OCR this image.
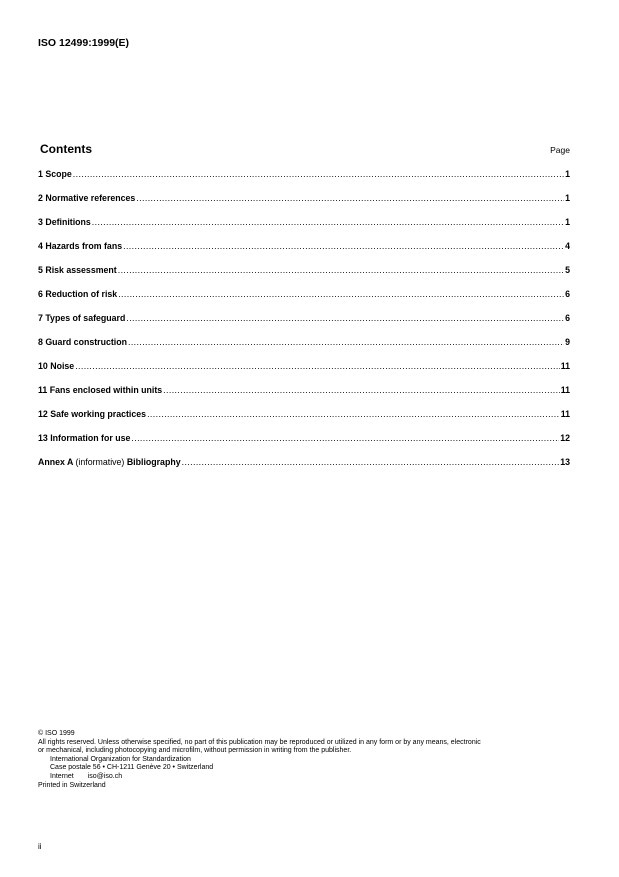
ISO 12499:1999(E)
Contents	Page
1 Scope .....	1
2 Normative references .....	1
3 Definitions .....	1
4 Hazards from fans .....	4
5 Risk assessment .....	5
6 Reduction of risk .....	6
7 Types of safeguard .....	6
8 Guard construction .....	9
10 Noise .....	11
11 Fans enclosed within units .....	11
12 Safe working practices .....	11
13 Information for use .....	12
Annex A (informative) Bibliography .....	13
© ISO 1999
All rights reserved. Unless otherwise specified, no part of this publication may be reproduced or utilized in any form or by any means, electronic
or mechanical, including photocopying and microfilm, without permission in writing from the publisher.
International Organization for Standardization
Case postale 56 • CH-1211 Genève 20 • Switzerland
Internet iso@iso.ch
Printed in Switzerland
ii
